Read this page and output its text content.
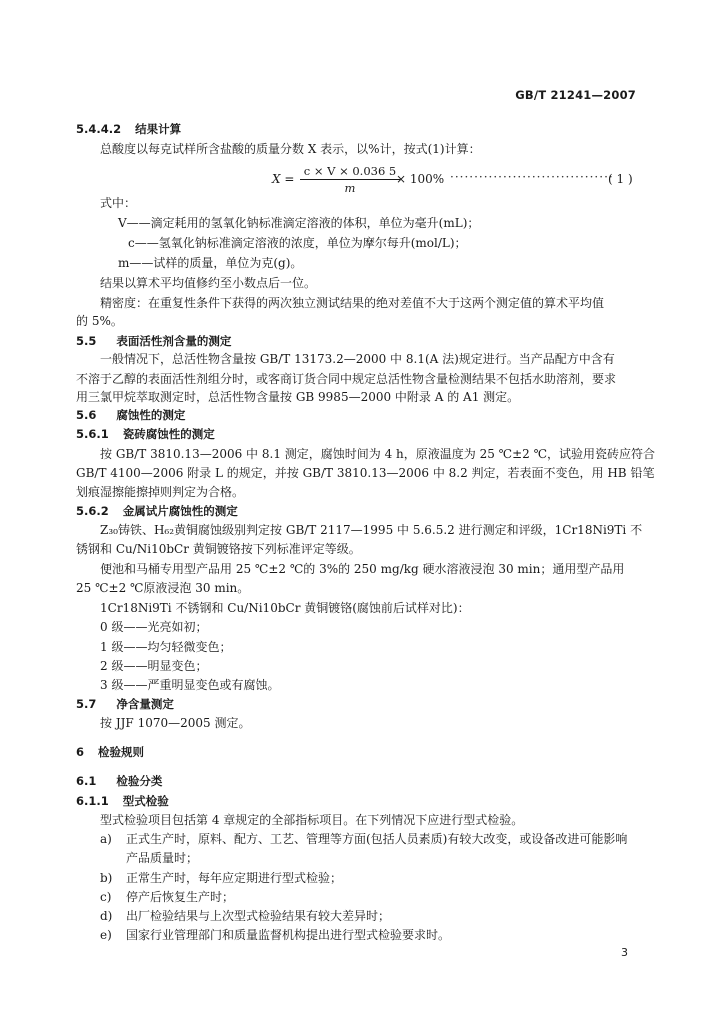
GB/T 21241—2007
5.4.4.2 结果计算
总酸度以每克试样所含盐酸的质量分数 X 表示，以%计，按式(1)计算：
$X = \frac{c \times V \times 0.036 5}{m}$
× 100% ··································
( 1 )
式中：
V——滴定耗用的氢氧化钠标准滴定溶液的体积，单位为毫升(mL)；
c——氢氧化钠标准滴定溶液的浓度，单位为摩尔每升(mol/L)；
m——试样的质量，单位为克(g)。
结果以算术平均值修约至小数点后一位。
精密度：在重复性条件下获得的两次独立测试结果的绝对差值不大于这两个测定值的算术平均值
的 5%。
5.5 表面活性剂含量的测定
一般情况下，总活性物含量按 GB/T 13173.2—2000 中 8.1(A 法)规定进行。当产品配方中含有
不溶于乙醇的表面活性剂组分时，或客商订货合同中规定总活性物含量检测结果不包括水助溶剂，要求
用三氯甲烷萃取测定时，总活性物含量按 GB 9985—2000 中附录 A 的 A1 测定。
5.6 腐蚀性的测定
5.6.1 瓷砖腐蚀性的测定
按 GB/T 3810.13—2006 中 8.1 测定，腐蚀时间为 4 h，原液温度为 25 ℃±2 ℃，试验用瓷砖应符合
GB/T 4100—2006 附录 L 的规定，并按 GB/T 3810.13—2006 中 8.2 判定，若表面不变色，用 HB 铅笔
划痕湿擦能擦掉则判定为合格。
5.6.2 金属试片腐蚀性的测定
Z₃₀铸铁、H₆₂黄铜腐蚀级别判定按 GB/T 2117—1995 中 5.6.5.2 进行测定和评级，1Cr18Ni9Ti 不
锈钢和 Cu/Ni10bCr 黄铜镀铬按下列标准评定等级。
便池和马桶专用型产品用 25 ℃±2 ℃的 3%的 250 mg/kg 硬水溶液浸泡 30 min；通用型产品用
25 ℃±2 ℃原液浸泡 30 min。
1Cr18Ni9Ti 不锈钢和 Cu/Ni10bCr 黄铜镀铬(腐蚀前后试样对比)：
0 级——光亮如初；
1 级——均匀轻微变色；
2 级——明显变色；
3 级——严重明显变色或有腐蚀。
5.7 净含量测定
按 JJF 1070—2005 测定。
6 检验规则
6.1 检验分类
6.1.1 型式检验
型式检验项目包括第 4 章规定的全部指标项目。在下列情况下应进行型式检验。
a) 正式生产时，原料、配方、工艺、管理等方面(包括人员素质)有较大改变，或设备改进可能影响
产品质量时；
b) 正常生产时，每年应定期进行型式检验；
c) 停产后恢复生产时；
d) 出厂检验结果与上次型式检验结果有较大差异时；
e) 国家行业管理部门和质量监督机构提出进行型式检验要求时。
3
